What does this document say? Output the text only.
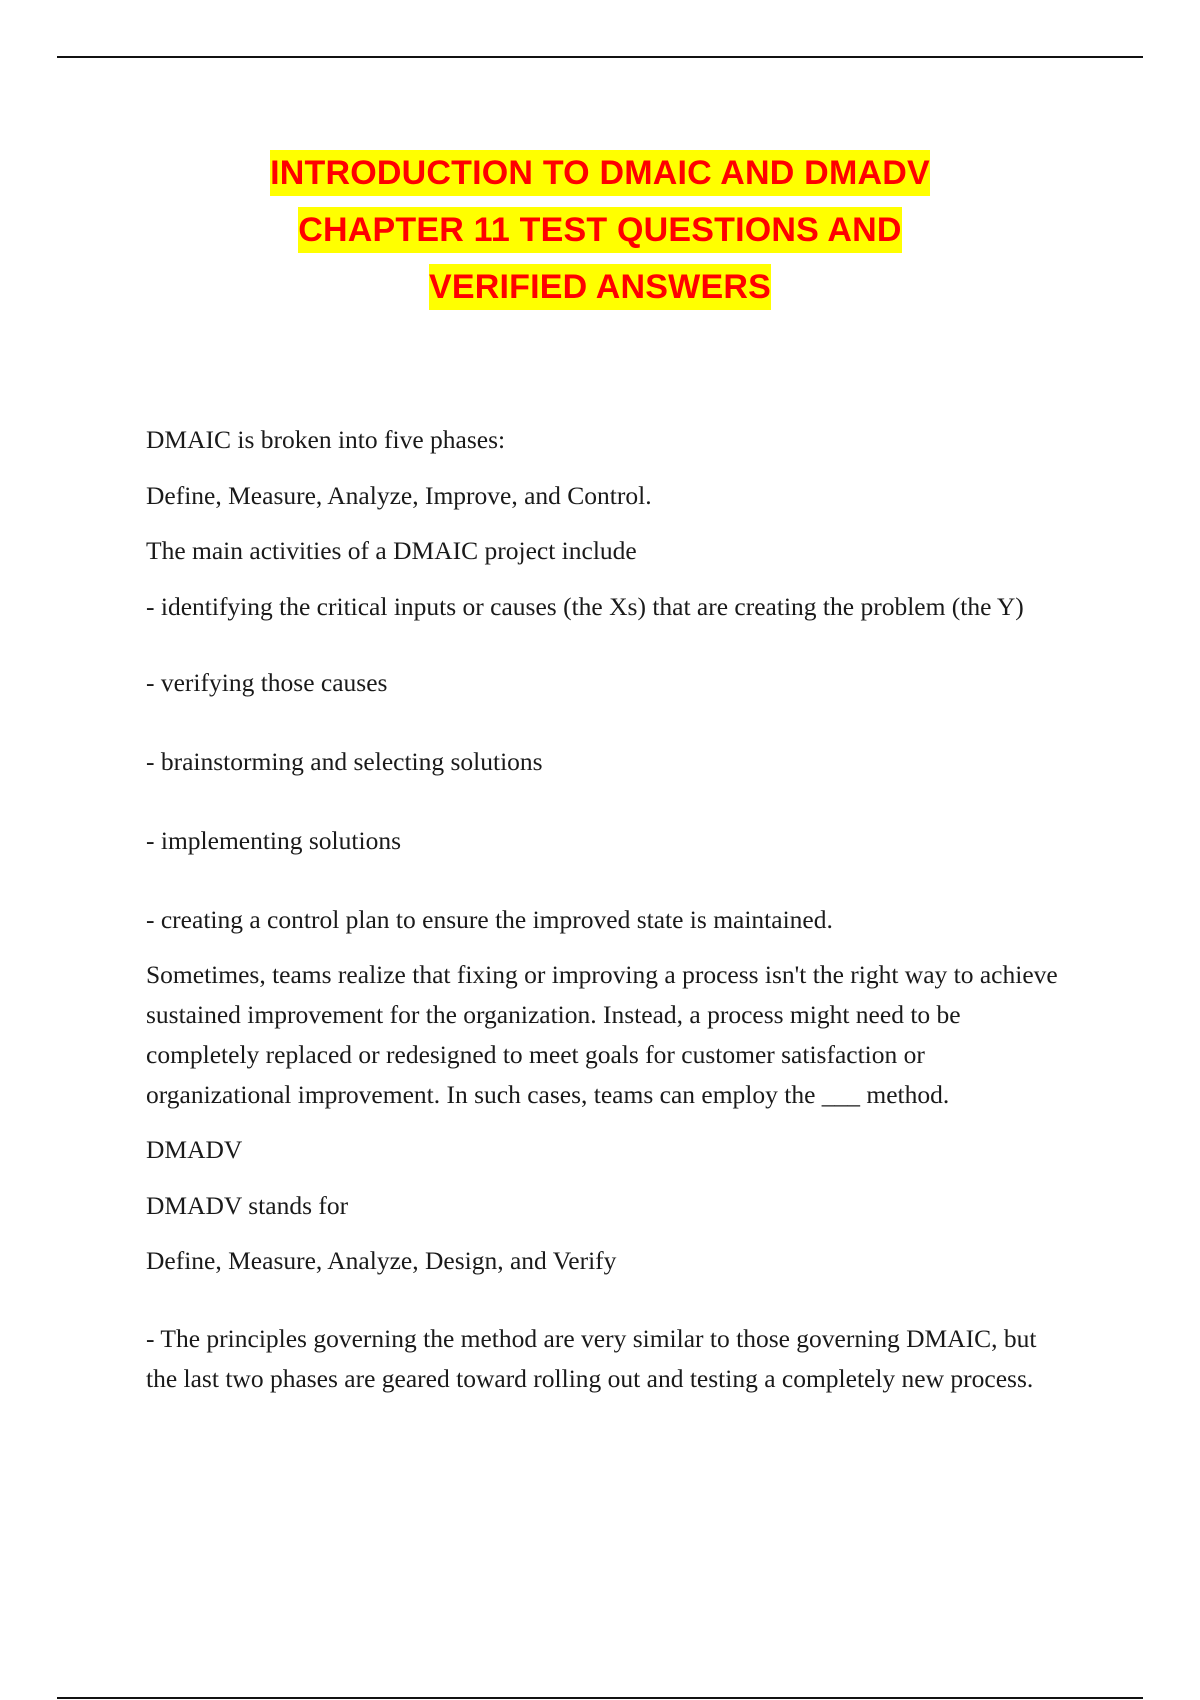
INTRODUCTION TO DMAIC AND DMADV
CHAPTER 11 TEST QUESTIONS AND
VERIFIED ANSWERS

DMAIC is broken into five phases:

Define, Measure, Analyze, Improve, and Control.

The main activities of a DMAIC project include

- identifying the critical inputs or causes (the Xs) that are creating the problem (the Y)

- verifying those causes

- brainstorming and selecting solutions

- implementing solutions

- creating a control plan to ensure the improved state is maintained.

Sometimes, teams realize that fixing or improving a process isn't the right way to achieve sustained improvement for the organization. Instead, a process might need to be completely replaced or redesigned to meet goals for customer satisfaction or organizational improvement. In such cases, teams can employ the ___ method.

DMADV

DMADV stands for

Define, Measure, Analyze, Design, and Verify

- The principles governing the method are very similar to those governing DMAIC, but the last two phases are geared toward rolling out and testing a completely new process.
